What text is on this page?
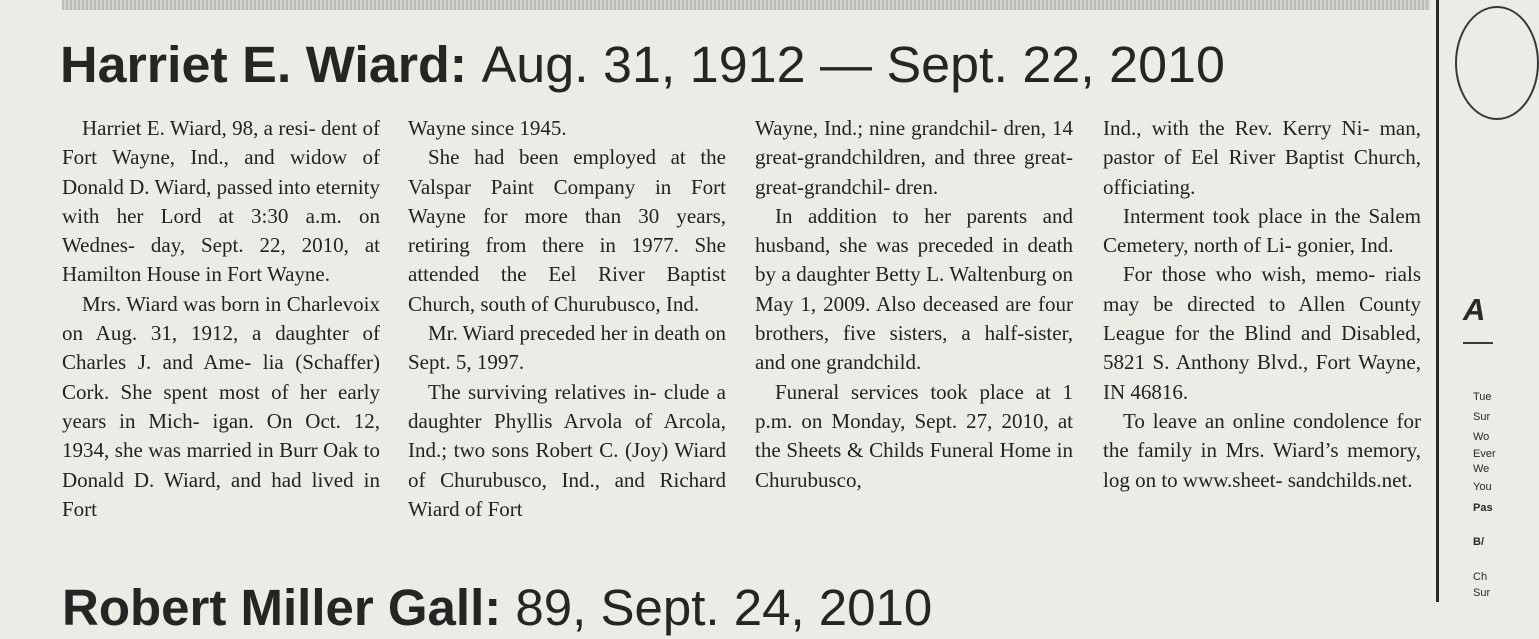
Harriet E. Wiard: Aug. 31, 1912 — Sept. 22, 2010

Harriet E. Wiard, 98, a resi- dent of Fort Wayne, Ind., and widow of Donald D. Wiard, passed into eternity with her Lord at 3:30 a.m. on Wednes- day, Sept. 22, 2010, at Hamilton House in Fort Wayne.

Mrs. Wiard was born in Charlevoix on Aug. 31, 1912, a daughter of Charles J. and Ame- lia (Schaffer) Cork. She spent most of her early years in Mich- igan. On Oct. 12, 1934, she was married in Burr Oak to Donald D. Wiard, and had lived in Fort

Wayne since 1945.

She had been employed at the Valspar Paint Company in Fort Wayne for more than 30 years, retiring from there in 1977. She attended the Eel River Baptist Church, south of Churubusco, Ind.

Mr. Wiard preceded her in death on Sept. 5, 1997.

The surviving relatives in- clude a daughter Phyllis Arvola of Arcola, Ind.; two sons Robert C. (Joy) Wiard of Churubusco, Ind., and Richard Wiard of Fort

Wayne, Ind.; nine grandchil- dren, 14 great-grandchildren, and three great-great-grandchil- dren.

In addition to her parents and husband, she was preceded in death by a daughter Betty L. Waltenburg on May 1, 2009. Also deceased are four brothers, five sisters, a half-sister, and one grandchild.

Funeral services took place at 1 p.m. on Monday, Sept. 27, 2010, at the Sheets & Childs Funeral Home in Churubusco,

Ind., with the Rev. Kerry Ni- man, pastor of Eel River Baptist Church, officiating.

Interment took place in the Salem Cemetery, north of Li- gonier, Ind.

For those who wish, memo- rials may be directed to Allen County League for the Blind and Disabled, 5821 S. Anthony Blvd., Fort Wayne, IN 46816.

To leave an online condolence for the family in Mrs. Wiard’s memory, log on to www.sheet- sandchilds.net.

Robert Miller Gall: 89, Sept. 24, 2010
A
Tue
Sur
Wo
Ever
We
You
Pas
B/
Ch
Sur
